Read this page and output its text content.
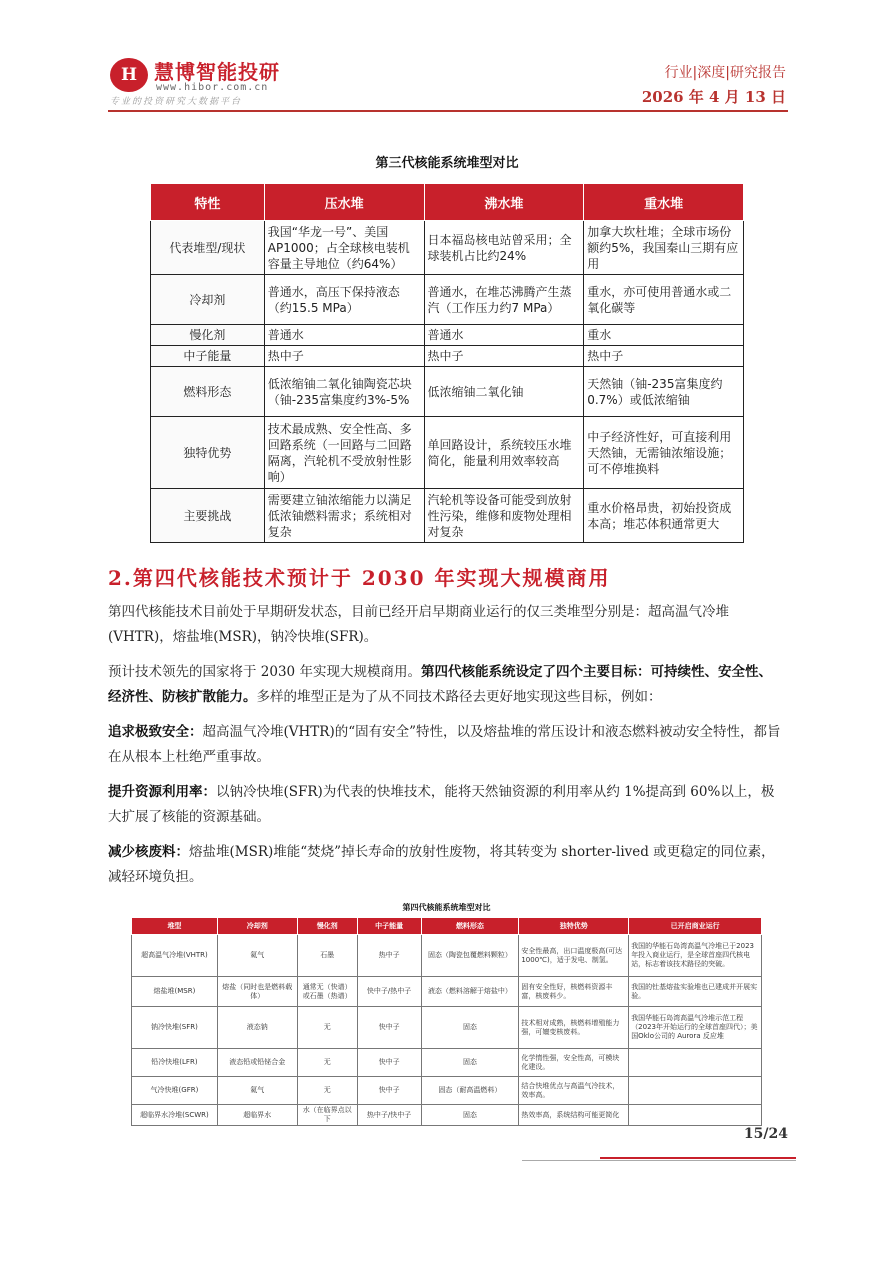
H 慧博智能投研
www.hibor.com.cn
专业的投资研究大数据平台
行业|深度|研究报告
2026 年 4 月 13 日
第三代核能系统堆型对比
特性	压水堆	沸水堆	重水堆
代表堆型/现状	我国“华龙一号”、美国AP1000；占全球核电装机容量主导地位（约64%）	日本福岛核电站曾采用；全球装机占比约24%	加拿大坎杜堆；全球市场份额约5%，我国秦山三期有应用
冷却剂	普通水，高压下保持液态（约15.5 MPa）	普通水，在堆芯沸腾产生蒸汽（工作压力约7 MPa）	重水，亦可使用普通水或二氧化碳等
慢化剂	普通水	普通水	重水
中子能量	热中子	热中子	热中子
燃料形态	低浓缩铀二氧化铀陶瓷芯块（铀-235富集度约3%-5%	低浓缩铀二氧化铀	天然铀（铀-235富集度约0.7%）或低浓缩铀
独特优势	技术最成熟、安全性高、多回路系统（一回路与二回路隔离，汽轮机不受放射性影响）	单回路设计，系统较压水堆简化，能量利用效率较高	中子经济性好，可直接利用天然铀，无需铀浓缩设施；可不停堆换料
主要挑战	需要建立铀浓缩能力以满足低浓铀燃料需求；系统相对复杂	汽轮机等设备可能受到放射性污染，维修和废物处理相对复杂	重水价格昂贵，初始投资成本高；堆芯体积通常更大
2.第四代核能技术预计于 2030 年实现大规模商用
第四代核能技术目前处于早期研发状态，目前已经开启早期商业运行的仅三类堆型分别是：超高温气冷堆(VHTR)，熔盐堆(MSR)，钠冷快堆(SFR)。
预计技术领先的国家将于 2030 年实现大规模商用。第四代核能系统设定了四个主要目标：可持续性、安全性、经济性、防核扩散能力。多样的堆型正是为了从不同技术路径去更好地实现这些目标，例如：
追求极致安全：超高温气冷堆(VHTR)的“固有安全”特性，以及熔盐堆的常压设计和液态燃料被动安全特性，都旨在从根本上杜绝严重事故。
提升资源利用率：以钠冷快堆(SFR)为代表的快堆技术，能将天然铀资源的利用率从约 1%提高到 60%以上，极大扩展了核能的资源基础。
减少核废料：熔盐堆(MSR)堆能“焚烧”掉长寿命的放射性废物，将其转变为 shorter-lived 或更稳定的同位素，减轻环境负担。
第四代核能系统堆型对比
堆型	冷却剂	慢化剂	中子能量	燃料形态	独特优势	已开启商业运行
超高温气冷堆(VHTR)	氦气	石墨	热中子	固态（陶瓷包覆燃料颗粒）	安全性最高，出口温度极高(可达1000℃)，适于发电、制氢。	我国的华能石岛湾高温气冷堆已于2023年投入商业运行，是全球首座四代核电站，标志着该技术路径的突破。
熔盐堆(MSR)	熔盐（同时也是燃料载体）	通常无（快谱）或石墨（热谱）	快中子/热中子	液态（燃料溶解于熔盐中）	固有安全性好，核燃料资源丰富，核废料少。	我国的钍基熔盐实验堆也已建成并开展实验。
钠冷快堆(SFR)	液态钠	无	快中子	固态	技术相对成熟，核燃料增殖能力强，可嬗变核废料。	我国华能石岛湾高温气冷堆示范工程（2023年开始运行的全球首座四代）；美国Oklo公司的 Aurora 反应堆
铅冷快堆(LFR)	液态铅或铅铋合金	无	快中子	固态	化学惰性强，安全性高，可模块化建设。	
气冷快堆(GFR)	氦气	无	快中子	固态（耐高温燃料）	结合快堆优点与高温气冷技术，效率高。	
超临界水冷堆(SCWR)	超临界水	水（在临界点以下	热中子/快中子	固态	热效率高，系统结构可能更简化	
15/24
